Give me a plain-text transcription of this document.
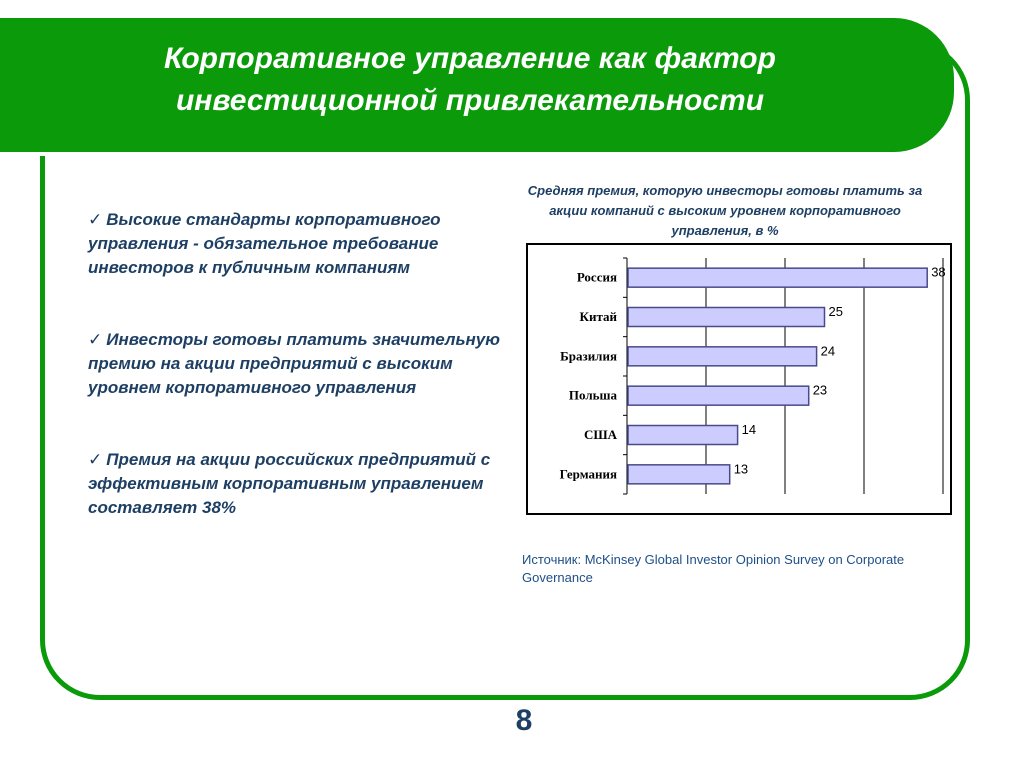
Корпоративное управление как фактор
инвестиционной привлекательности
✓ Высокие стандарты корпоративного управления - обязательное требование инвесторов к публичным компаниям
✓ Инвесторы готовы платить значительную премию на акции предприятий с высоким уровнем корпоративного управления
✓ Премия на акции российских предприятий с эффективным корпоративным управлением составляет 38%
Средняя премия, которую инвесторы готовы платить за акции компаний с высоким уровнем корпоративного управления, в %
Россия	38
Китай	25
Бразилия	24
Польша	23
США	14
Германия	13
Источник: McKinsey Global Investor Opinion Survey on Corporate Governance
8
